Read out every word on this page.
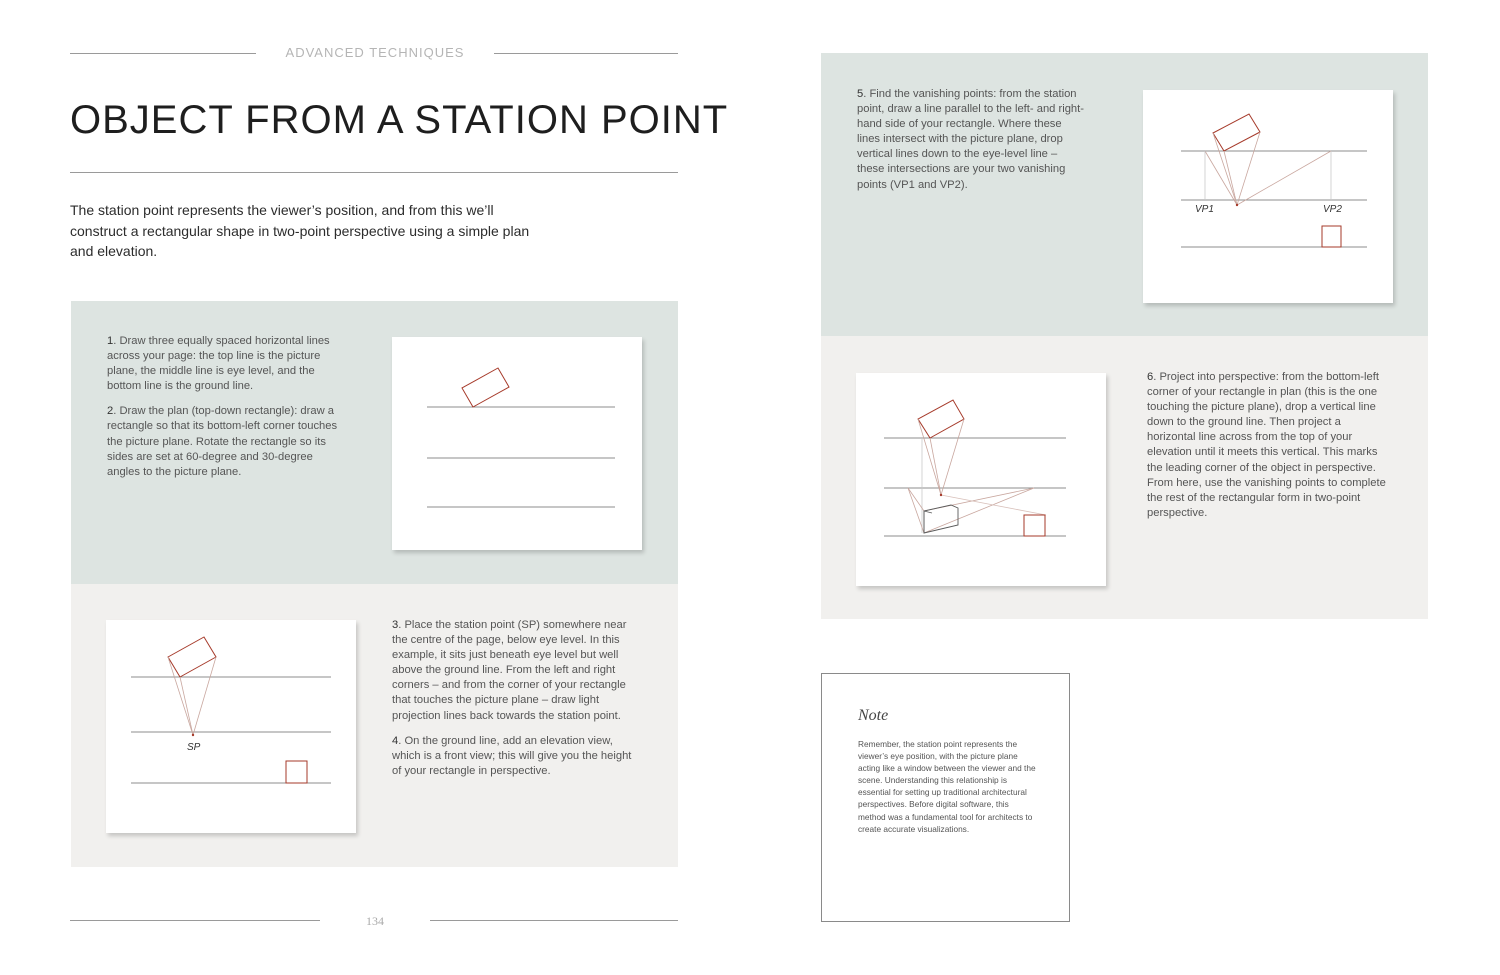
ADVANCED TECHNIQUES
OBJECT FROM A STATION POINT
The station point represents the viewer’s position, and from this we’ll construct a rectangular shape in two-point perspective using a simple plan and elevation.

1. Draw three equally spaced horizontal lines across your page: the top line is the picture plane, the middle line is eye level, and the bottom line is the ground line.

2. Draw the plan (top-down rectangle): draw a rectangle so that its bottom-left corner touches the picture plane. Rotate the rectangle so its sides are set at 60-degree and 30-degree angles to the picture plane.

SP

3. Place the station point (SP) somewhere near the centre of the page, below eye level. In this example, it sits just beneath eye level but well above the ground line. From the left and right corners – and from the corner of your rectangle that touches the picture plane – draw light projection lines back towards the station point.

4. On the ground line, add an elevation view, which is a front view; this will give you the height of your rectangle in perspective.

134

5. Find the vanishing points: from the station point, draw a line parallel to the left- and right-hand side of your rectangle. Where these lines intersect with the picture plane, drop vertical lines down to the eye-level line – these intersections are your two vanishing points (VP1 and VP2).

VP1	VP2

6. Project into perspective: from the bottom-left corner of your rectangle in plan (this is the one touching the picture plane), drop a vertical line down to the ground line. Then project a horizontal line across from the top of your elevation until it meets this vertical. This marks the leading corner of the object in perspective. From here, use the vanishing points to complete the rest of the rectangular form in two-point perspective.

Note
Remember, the station point represents the viewer’s eye position, with the picture plane acting like a window between the viewer and the scene. Understanding this relationship is essential for setting up traditional architectural perspectives. Before digital software, this method was a fundamental tool for architects to create accurate visualizations.
